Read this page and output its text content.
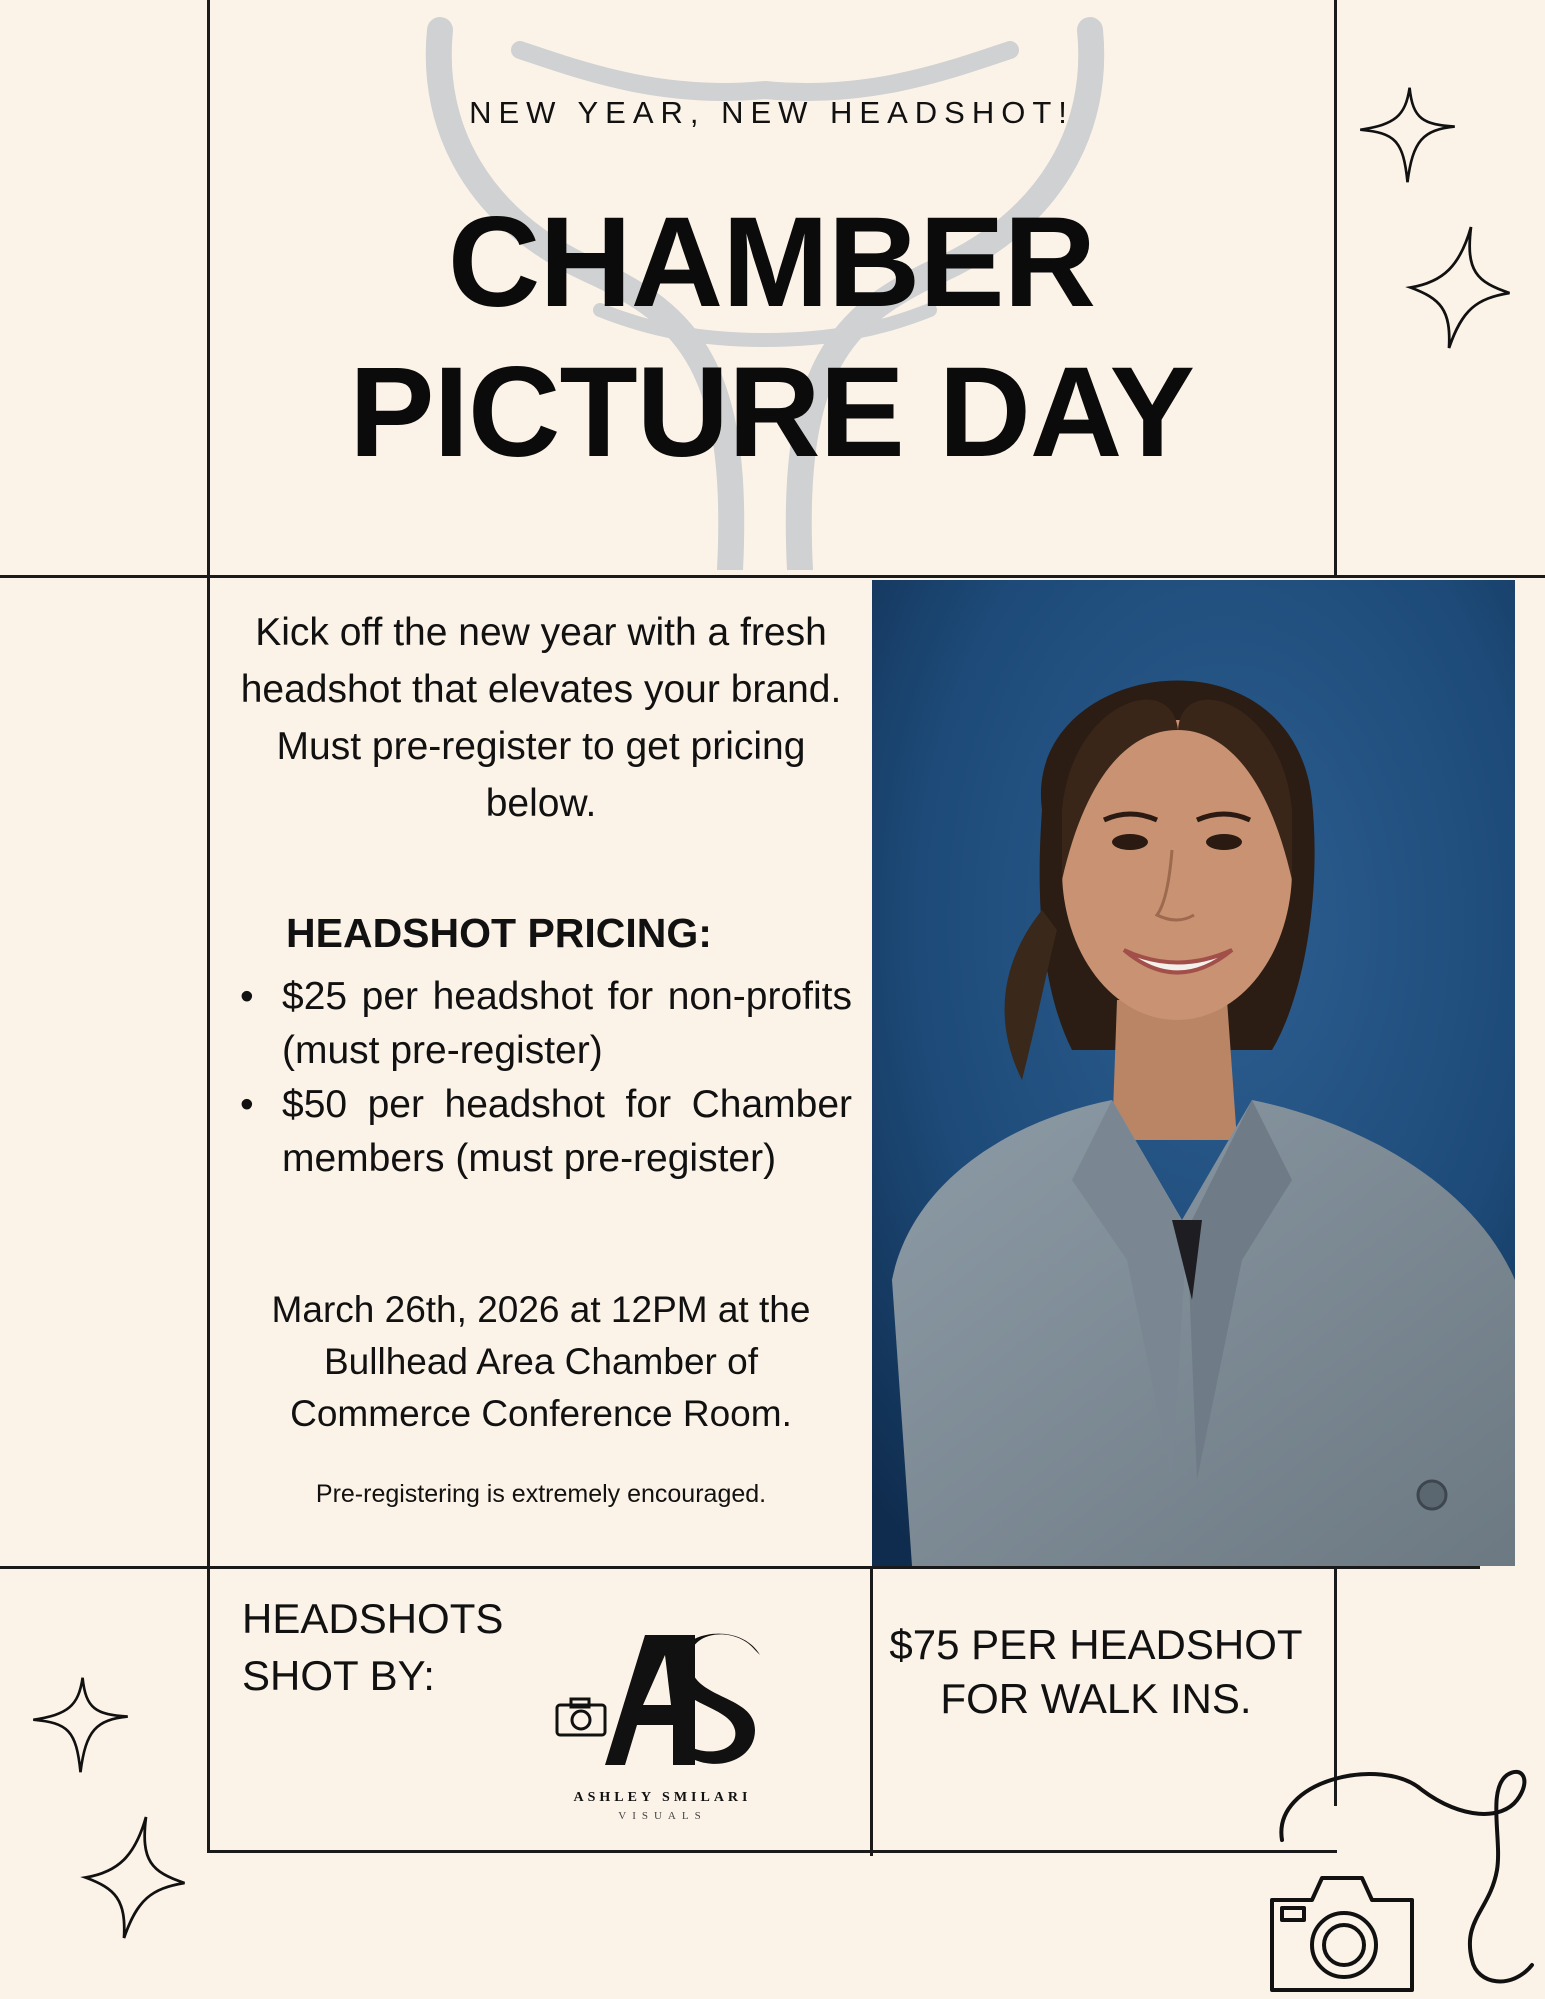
NEW YEAR, NEW HEADSHOT!
CHAMBER
PICTURE DAY
Kick off the new year with a fresh headshot that elevates your brand. Must pre-register to get pricing below.
HEADSHOT PRICING:
• $25 per headshot for non-profits (must pre-register)
• $50 per headshot for Chamber members (must pre-register)
March 26th, 2026 at 12PM at the Bullhead Area Chamber of Commerce Conference Room.
Pre-registering is extremely encouraged.
HEADSHOTS SHOT BY:
ASHLEY SMILARI
VISUALS
$75 PER HEADSHOT FOR WALK INS.
